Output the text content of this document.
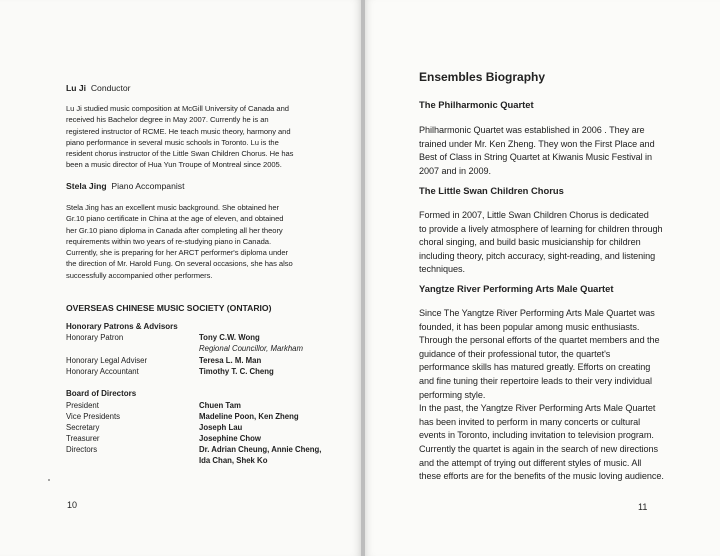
Lu Ji Conductor
Lu Ji studied music composition at McGill University of Canada and
received his Bachelor degree in May 2007. Currently he is an
registered instructor of RCME. He teach music theory, harmony and
piano performance in several music schools in Toronto. Lu is the
resident chorus instructor of the Little Swan Children Chorus. He has
been a music director of Hua Yun Troupe of Montreal since 2005.
Stela Jing Piano Accompanist
Stela Jing has an excellent music background. She obtained her
Gr.10 piano certificate in China at the age of eleven, and obtained
her Gr.10 piano diploma in Canada after completing all her theory
requirements within two years of re-studying piano in Canada.
Currently, she is preparing for her ARCT performer's diploma under
the direction of Mr. Harold Fung. On several occasions, she has also
successfully accompanied other performers.
OVERSEAS CHINESE MUSIC SOCIETY (ONTARIO)
Honorary Patrons & Advisors
Honorary Patron	Tony C.W. Wong
Regional Councillor, Markham
Honorary Legal Adviser	Teresa L. M. Man
Honorary Accountant	Timothy T. C. Cheng
Board of Directors
President	Chuen Tam
Vice Presidents	Madeline Poon, Ken Zheng
Secretary	Joseph Lau
Treasurer	Josephine Chow
Directors	Dr. Adrian Cheung, Annie Cheng,
Ida Chan, Shek Ko
10
Ensembles Biography
The Philharmonic Quartet
Philharmonic Quartet was established in 2006 . They are
trained under Mr. Ken Zheng. They won the First Place and
Best of Class in String Quartet at Kiwanis Music Festival in
2007 and in 2009.
The Little Swan Children Chorus
Formed in 2007, Little Swan Children Chorus is dedicated
to provide a lively atmosphere of learning for children through
choral singing, and build basic musicianship for children
including theory, pitch accuracy, sight-reading, and listening
techniques.
Yangtze River Performing Arts Male Quartet
Since The Yangtze River Performing Arts Male Quartet was
founded, it has been popular among music enthusiasts.
Through the personal efforts of the quartet members and the
guidance of their professional tutor, the quartet's
performance skills has matured greatly. Efforts on creating
and fine tuning their repertoire leads to their very individual
performing style.
In the past, the Yangtze River Performing Arts Male Quartet
has been invited to perform in many concerts or cultural
events in Toronto, including invitation to television program.
Currently the quartet is again in the search of new directions
and the attempt of trying out different styles of music. All
these efforts are for the benefits of the music loving audience.
11
